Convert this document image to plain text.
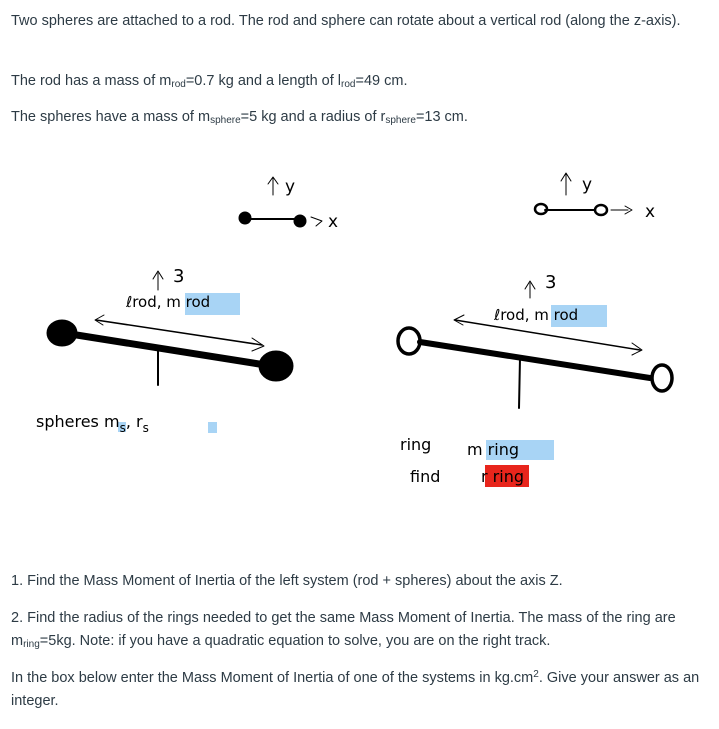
Two spheres are attached to a rod. The rod and sphere can rotate about a vertical rod (along the z-axis).

The rod has a mass of $m_{rod}=0.7$ kg and a length of $l_{rod}=49$ cm.

The spheres have a mass of $m_{sphere}=5$ kg and a radius of $r_{sphere}=13$ cm.

y
x
y
x
3
ℓrod, m rod
spheres $m_s$, $r_s$
3
ℓrod, m rod
ring m ring
find	r ring

1. Find the Mass Moment of Inertia of the left system (rod + spheres) about the axis Z.

2. Find the radius of the rings needed to get the same Mass Moment of Inertia. The mass of the ring are $m_{ring}=5kg$. Note: if you have a quadratic equation to solve, you are on the right track.

In the box below enter the Mass Moment of Inertia of one of the systems in $kg.cm^2$. Give your answer as an integer.
